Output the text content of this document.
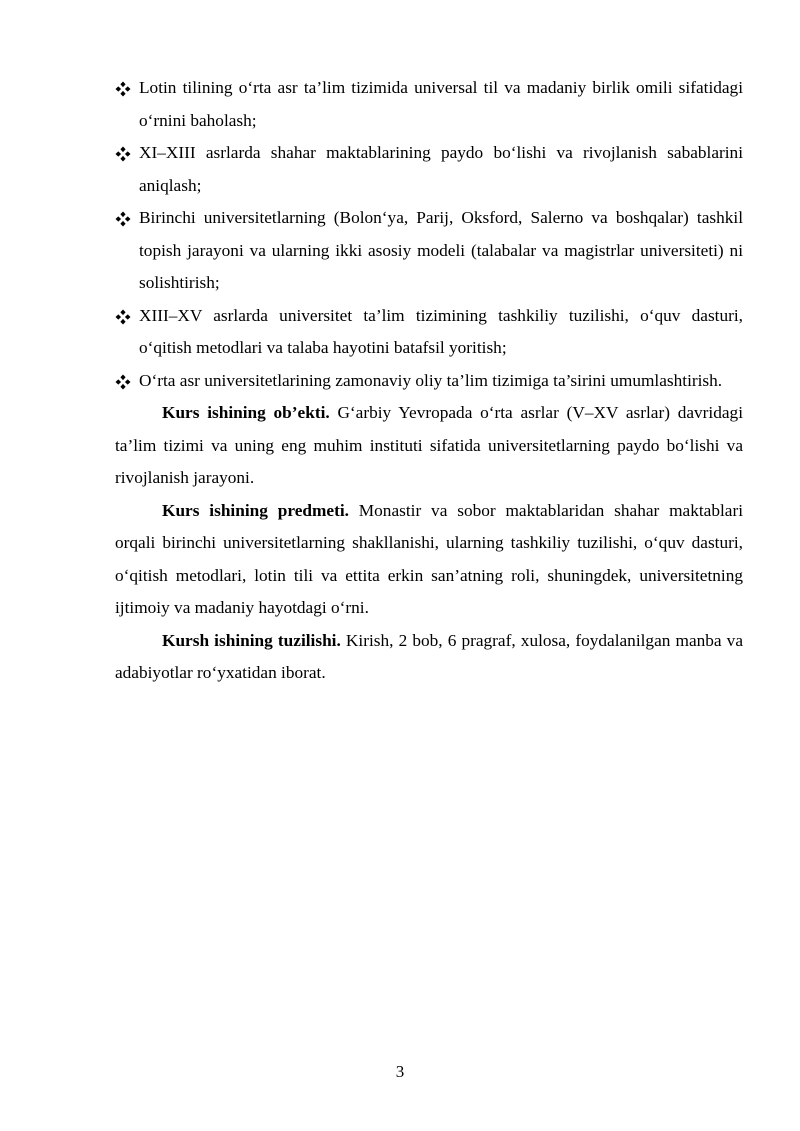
Lotin tilining o‘rta asr ta’lim tizimida universal til va madaniy birlik omili sifatidagi o‘rnini baholash;
XI–XIII asrlarda shahar maktablarining paydo bo‘lishi va rivojlanish sabablarini aniqlash;
Birinchi universitetlarning (Bolon‘ya, Parij, Oksford, Salerno va boshqalar) tashkil topish jarayoni va ularning ikki asosiy modeli (talabalar va magistrlar universiteti) ni solishtirish;
XIII–XV asrlarda universitet ta’lim tizimining tashkiliy tuzilishi, o‘quv dasturi, o‘qitish metodlari va talaba hayotini batafsil yoritish;
O‘rta asr universitetlarining zamonaviy oliy ta’lim tizimiga ta’sirini umumlashtirish.

Kurs ishining ob’ekti. G‘arbiy Yevropada o‘rta asrlar (V–XV asrlar) davridagi ta’lim tizimi va uning eng muhim instituti sifatida universitetlarning paydo bo‘lishi va rivojlanish jarayoni.

Kurs ishining predmeti. Monastir va sobor maktablaridan shahar maktablari orqali birinchi universitetlarning shakllanishi, ularning tashkiliy tuzilishi, o‘quv dasturi, o‘qitish metodlari, lotin tili va ettita erkin san’atning roli, shuningdek, universitetning ijtimoiy va madaniy hayotdagi o‘rni.

Kursh ishining tuzilishi. Kirish, 2 bob, 6 pragraf, xulosa, foydalanilgan manba va adabiyotlar ro‘yxatidan iborat.

3
